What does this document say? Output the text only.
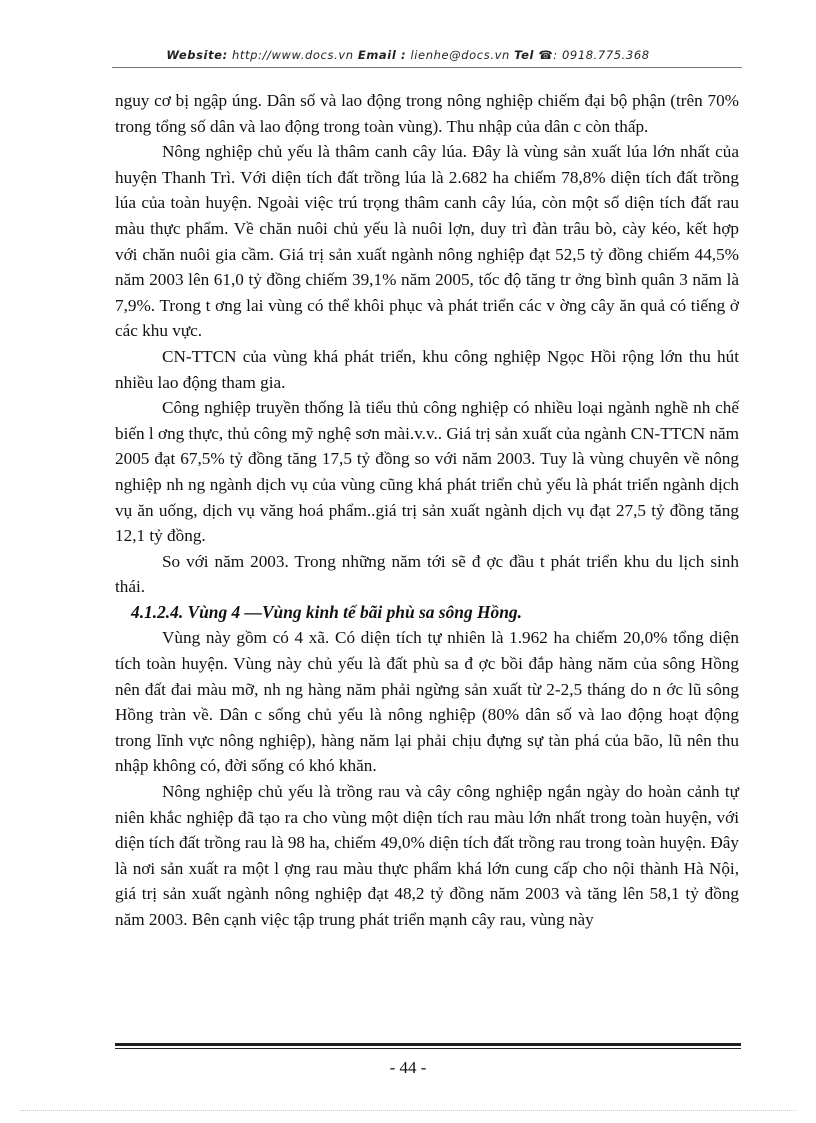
Website: http://www.docs.vn Email : lienhe@docs.vn Tel ☎: 0918.775.368

nguy cơ bị ngập úng. Dân số và lao động trong nông nghiệp chiếm đại bộ phận (trên 70% trong tổng số dân và lao động trong toàn vùng). Thu nhập của dân c còn thấp.

Nông nghiệp chủ yếu là thâm canh cây lúa. Đây là vùng sản xuất lúa lớn nhất của huyện Thanh Trì. Với diện tích đất trồng lúa là 2.682 ha chiếm 78,8% diện tích đất trồng lúa của toàn huyện. Ngoài việc trú trọng thâm canh cây lúa, còn một số diện tích đất rau màu thực phẩm. Về chăn nuôi chủ yếu là nuôi lợn, duy trì đàn trâu bò, cày kéo, kết hợp với chăn nuôi gia cầm. Giá trị sản xuất ngành nông nghiệp đạt 52,5 tỷ đồng chiếm 44,5% năm 2003 lên 61,0 tỷ đồng chiếm 39,1% năm 2005, tốc độ tăng tr ởng bình quân 3 năm là 7,9%. Trong t ơng lai vùng có thể khôi phục và phát triển các v ờng cây ăn quả có tiếng ở các khu vực.

CN-TTCN của vùng khá phát triển, khu công nghiệp Ngọc Hồi rộng lớn thu hút nhiều lao động tham gia.

Công nghiệp truyền thống là tiểu thủ công nghiệp có nhiều loại ngành nghề nh chế biến l ơng thực, thủ công mỹ nghệ sơn mài.v.v.. Giá trị sản xuất của ngành CN-TTCN năm 2005 đạt 67,5% tỷ đồng tăng 17,5 tỷ đồng so với năm 2003. Tuy là vùng chuyên về nông nghiệp nh ng ngành dịch vụ của vùng cũng khá phát triển chủ yếu là phát triển ngành dịch vụ ăn uống, dịch vụ văng hoá phẩm..giá trị sản xuất ngành dịch vụ đạt 27,5 tỷ đồng tăng 12,1 tỷ đồng.

So với năm 2003. Trong những năm tới sẽ đ ợc đầu t phát triển khu du lịch sinh thái.

4.1.2.4. Vùng 4 —Vùng kinh tế bãi phù sa sông Hồng.

Vùng này gồm có 4 xã. Có diện tích tự nhiên là 1.962 ha chiếm 20,0% tổng diện tích toàn huyện. Vùng này chủ yếu là đất phù sa đ ợc bồi đắp hàng năm của sông Hồng nên đất đai màu mỡ, nh ng hàng năm phải ngừng sản xuất từ 2-2,5 tháng do n ớc lũ sông Hồng tràn về. Dân c sống chủ yếu là nông nghiệp (80% dân số và lao động hoạt động trong lĩnh vực nông nghiệp), hàng năm lại phải chịu đựng sự tàn phá của bão, lũ nên thu nhập không có, đời sống có khó khăn.

Nông nghiệp chủ yếu là trồng rau và cây công nghiệp ngắn ngày do hoàn cảnh tự niên khắc nghiệp đã tạo ra cho vùng một diện tích rau màu lớn nhất trong toàn huyện, với diện tích đất trồng rau là 98 ha, chiếm 49,0% diện tích đất trồng rau trong toàn huyện. Đây là nơi sản xuất ra một l ợng rau màu thực phẩm khá lớn cung cấp cho nội thành Hà Nội, giá trị sản xuất ngành nông nghiệp đạt 48,2 tỷ đồng năm 2003 và tăng lên 58,1 tỷ đồng năm 2003. Bên cạnh việc tập trung phát triển mạnh cây rau, vùng này

- 44 -
